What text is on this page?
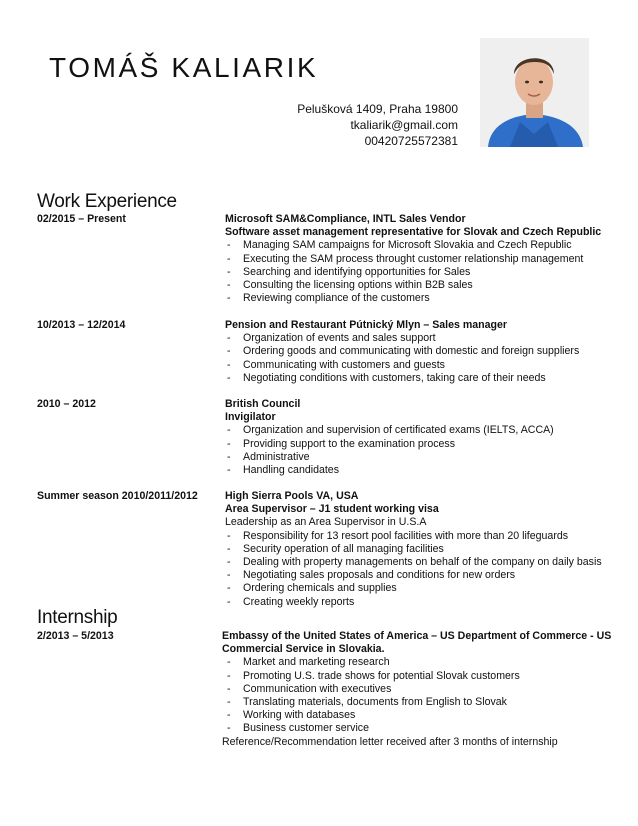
TOMÁŠ KALIARIK
Pelušková 1409, Praha 19800
tkaliarik@gmail.com
00420725572381
Work Experience
02/2015 – Present	Microsoft SAM&Compliance, INTL Sales Vendor
Software asset management representative for Slovak and Czech Republic
- Managing SAM campaigns for Microsoft Slovakia and Czech Republic
- Executing the SAM process throught customer relationship management
- Searching and identifying opportunities for Sales
- Consulting the licensing options within B2B sales
- Reviewing compliance of the customers
10/2013 – 12/2014	Pension and Restaurant Pútnický Mlyn – Sales manager
- Organization of events and sales support
- Ordering goods and communicating with domestic and foreign suppliers
- Communicating with customers and guests
- Negotiating conditions with customers, taking care of their needs
2010 – 2012	British Council
Invigilator
- Organization and supervision of certificated exams (IELTS, ACCA)
- Providing support to the examination process
- Administrative
- Handling candidates
Summer season 2010/2011/2012	High Sierra Pools VA, USA
Area Supervisor – J1 student working visa
Leadership as an Area Supervisor in U.S.A
- Responsibility for 13 resort pool facilities with more than 20 lifeguards
- Security operation of all managing facilities
- Dealing with property managements on behalf of the company on daily basis
- Negotiating sales proposals and conditions for new orders
- Ordering chemicals and supplies
- Creating weekly reports
Internship
2/2013 – 5/2013	Embassy of the United States of America – US Department of Commerce - US
Commercial Service in Slovakia.
- Market and marketing research
- Promoting U.S. trade shows for potential Slovak customers
- Communication with executives
- Translating materials, documents from English to Slovak
- Working with databases
- Business customer service
Reference/Recommendation letter received after 3 months of internship
